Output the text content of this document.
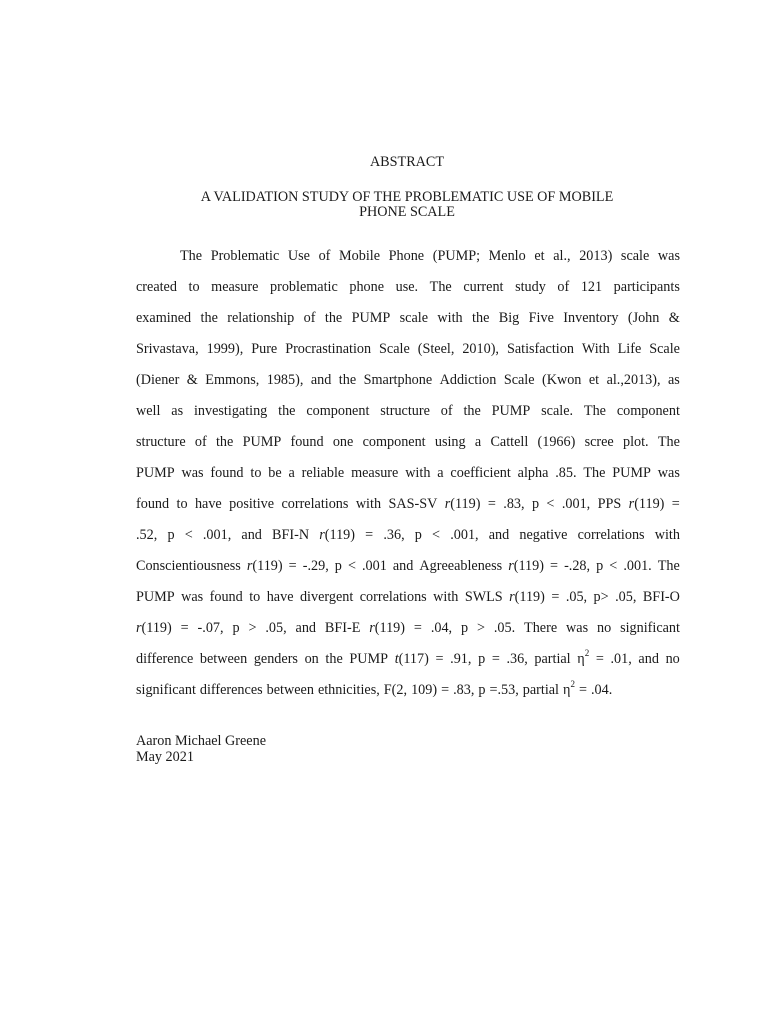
ABSTRACT
A VALIDATION STUDY OF THE PROBLEMATIC USE OF MOBILE
PHONE SCALE
The Problematic Use of Mobile Phone (PUMP; Menlo et al., 2013) scale was
created to measure problematic phone use. The current study of 121 participants
examined the relationship of the PUMP scale with the Big Five Inventory (John &
Srivastava, 1999), Pure Procrastination Scale (Steel, 2010), Satisfaction With Life Scale
(Diener & Emmons, 1985), and the Smartphone Addiction Scale (Kwon et al.,2013), as
well as investigating the component structure of the PUMP scale. The component
structure of the PUMP found one component using a Cattell (1966) scree plot. The
PUMP was found to be a reliable measure with a coefficient alpha .85. The PUMP was
found to have positive correlations with SAS-SV r(119) = .83, p < .001, PPS r(119) =
.52, p < .001, and BFI-N r(119) = .36, p < .001, and negative correlations with
Conscientiousness r(119) = -.29, p < .001 and Agreeableness r(119) = -.28, p < .001. The
PUMP was found to have divergent correlations with SWLS r(119) = .05, p> .05, BFI-O
r(119) = -.07, p > .05, and BFI-E r(119) = .04, p > .05. There was no significant
difference between genders on the PUMP t(117) = .91, p = .36, partial $\eta^2 = .01$, and no
significant differences between ethnicities, F(2, 109) = .83, p =.53, partial $\eta^2 = .04$.
Aaron Michael Greene
May 2021
